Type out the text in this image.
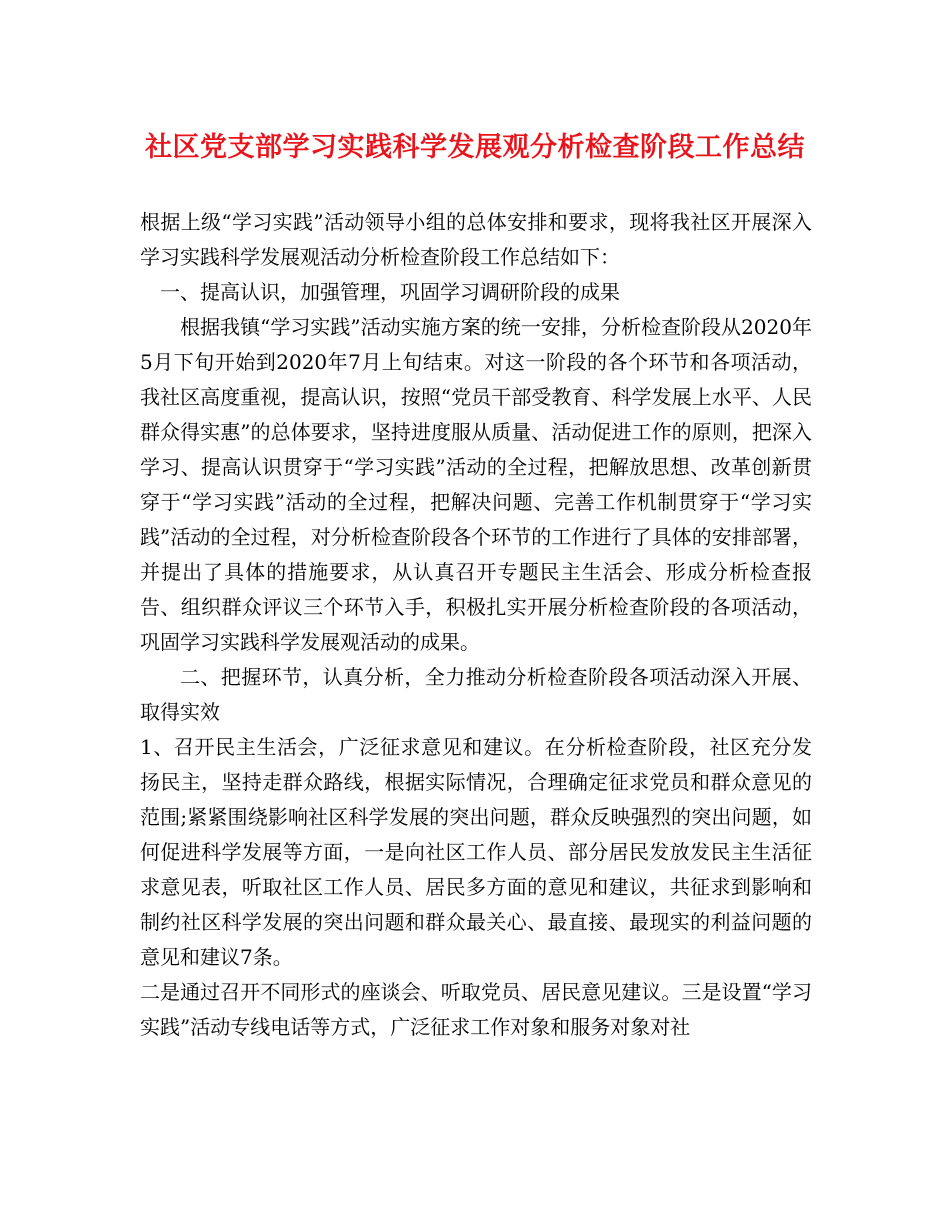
社区党支部学习实践科学发展观分析检查阶段工作总结

根据上级“学习实践”活动领导小组的总体安排和要求，现将我社区开展深入学习实践科学发展观活动分析检查阶段工作总结如下：

一、提高认识，加强管理，巩固学习调研阶段的成果

根据我镇“学习实践”活动实施方案的统一安排，分析检查阶段从2020年5月下旬开始到2020年7月上旬结束。对这一阶段的各个环节和各项活动，我社区高度重视，提高认识，按照“党员干部受教育、科学发展上水平、人民群众得实惠”的总体要求，坚持进度服从质量、活动促进工作的原则，把深入学习、提高认识贯穿于“学习实践”活动的全过程，把解放思想、改革创新贯穿于“学习实践”活动的全过程，把解决问题、完善工作机制贯穿于“学习实践”活动的全过程，对分析检查阶段各个环节的工作进行了具体的安排部署，并提出了具体的措施要求，从认真召开专题民主生活会、形成分析检查报告、组织群众评议三个环节入手，积极扎实开展分析检查阶段的各项活动，巩固学习实践科学发展观活动的成果。

二、把握环节，认真分析，全力推动分析检查阶段各项活动深入开展、取得实效

1、召开民主生活会，广泛征求意见和建议。在分析检查阶段，社区充分发扬民主，坚持走群众路线，根据实际情况，合理确定征求党员和群众意见的范围;紧紧围绕影响社区科学发展的突出问题，群众反映强烈的突出问题，如何促进科学发展等方面，一是向社区工作人员、部分居民发放发民主生活征求意见表，听取社区工作人员、居民多方面的意见和建议，共征求到影响和制约社区科学发展的突出问题和群众最关心、最直接、最现实的利益问题的意见和建议7条。

二是通过召开不同形式的座谈会、听取党员、居民意见建议。三是设置“学习实践”活动专线电话等方式，广泛征求工作对象和服务对象对社
